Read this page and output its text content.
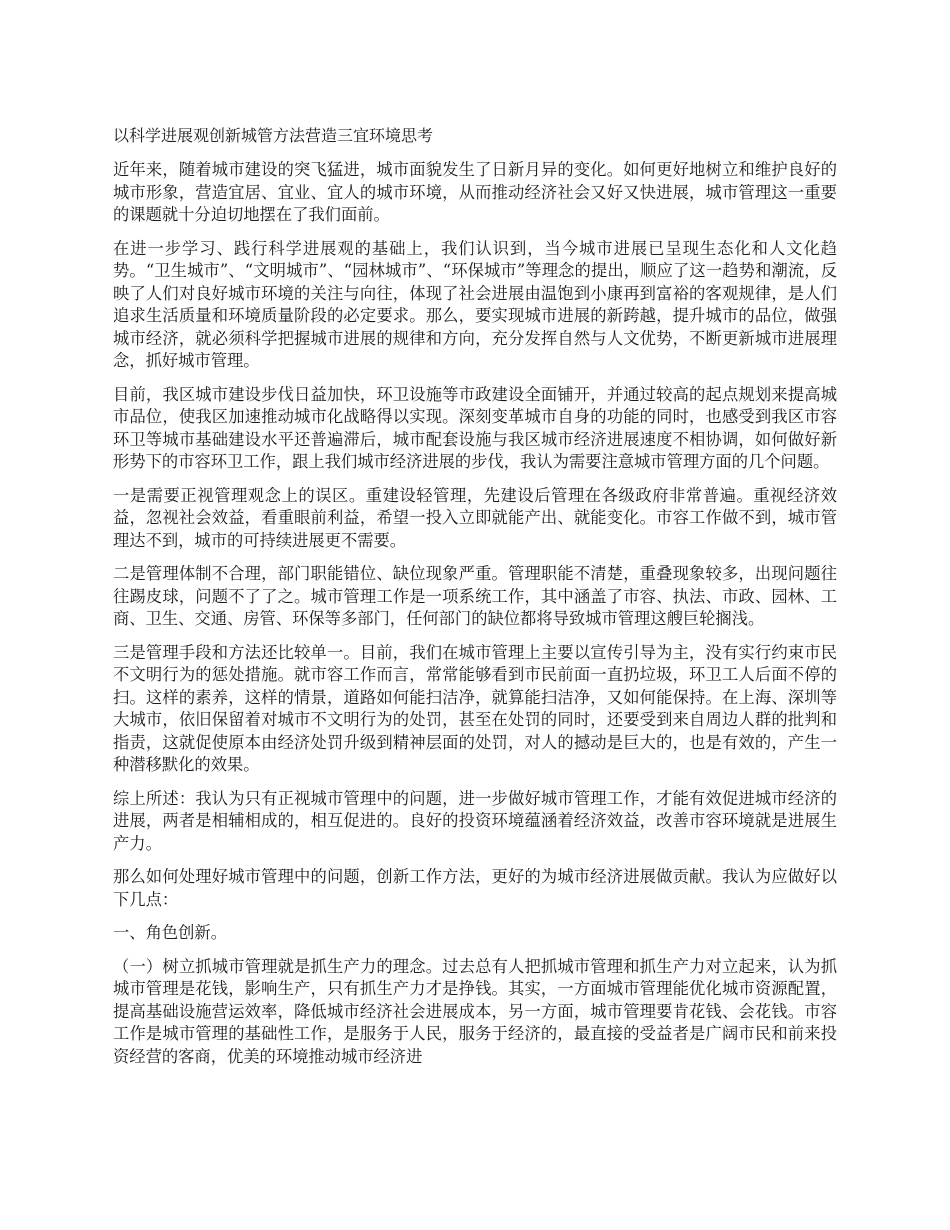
以科学进展观创新城管方法营造三宜环境思考

近年来，随着城市建设的突飞猛进，城市面貌发生了日新月异的变化。如何更好地树立和维护良好的城市形象，营造宜居、宜业、宜人的城市环境，从而推动经济社会又好又快进展，城市管理这一重要的课题就十分迫切地摆在了我们面前。

在进一步学习、践行科学进展观的基础上，我们认识到，当今城市进展已呈现生态化和人文化趋势。“卫生城市”、“文明城市”、“园林城市”、“环保城市”等理念的提出，顺应了这一趋势和潮流，反映了人们对良好城市环境的关注与向往，体现了社会进展由温饱到小康再到富裕的客观规律，是人们追求生活质量和环境质量阶段的必定要求。那么，要实现城市进展的新跨越，提升城市的品位，做强城市经济，就必须科学把握城市进展的规律和方向，充分发挥自然与人文优势，不断更新城市进展理念，抓好城市管理。

目前，我区城市建设步伐日益加快，环卫设施等市政建设全面铺开，并通过较高的起点规划来提高城市品位，使我区加速推动城市化战略得以实现。深刻变革城市自身的功能的同时，也感受到我区市容环卫等城市基础建设水平还普遍滞后，城市配套设施与我区城市经济进展速度不相协调，如何做好新形势下的市容环卫工作，跟上我们城市经济进展的步伐，我认为需要注意城市管理方面的几个问题。

一是需要正视管理观念上的误区。重建设轻管理，先建设后管理在各级政府非常普遍。重视经济效益，忽视社会效益，看重眼前利益，希望一投入立即就能产出、就能变化。市容工作做不到，城市管理达不到，城市的可持续进展更不需要。

二是管理体制不合理，部门职能错位、缺位现象严重。管理职能不清楚，重叠现象较多，出现问题往往踢皮球，问题不了了之。城市管理工作是一项系统工作，其中涵盖了市容、执法、市政、园林、工商、卫生、交通、房管、环保等多部门，任何部门的缺位都将导致城市管理这艘巨轮搁浅。

三是管理手段和方法还比较单一。目前，我们在城市管理上主要以宣传引导为主，没有实行约束市民不文明行为的惩处措施。就市容工作而言，常常能够看到市民前面一直扔垃圾，环卫工人后面不停的扫。这样的素养，这样的情景，道路如何能扫洁净，就算能扫洁净，又如何能保持。在上海、深圳等大城市，依旧保留着对城市不文明行为的处罚，甚至在处罚的同时，还要受到来自周边人群的批判和指责，这就促使原本由经济处罚升级到精神层面的处罚，对人的撼动是巨大的，也是有效的，产生一种潜移默化的效果。

综上所述：我认为只有正视城市管理中的问题，进一步做好城市管理工作，才能有效促进城市经济的进展，两者是相辅相成的，相互促进的。良好的投资环境蕴涵着经济效益，改善市容环境就是进展生产力。

那么如何处理好城市管理中的问题，创新工作方法，更好的为城市经济进展做贡献。我认为应做好以下几点：

一、角色创新。

（一）树立抓城市管理就是抓生产力的理念。过去总有人把抓城市管理和抓生产力对立起来，认为抓城市管理是花钱，影响生产，只有抓生产力才是挣钱。其实，一方面城市管理能优化城市资源配置，提高基础设施营运效率，降低城市经济社会进展成本，另一方面，城市管理要肯花钱、会花钱。市容工作是城市管理的基础性工作，是服务于人民，服务于经济的，最直接的受益者是广阔市民和前来投资经营的客商，优美的环境推动城市经济进
